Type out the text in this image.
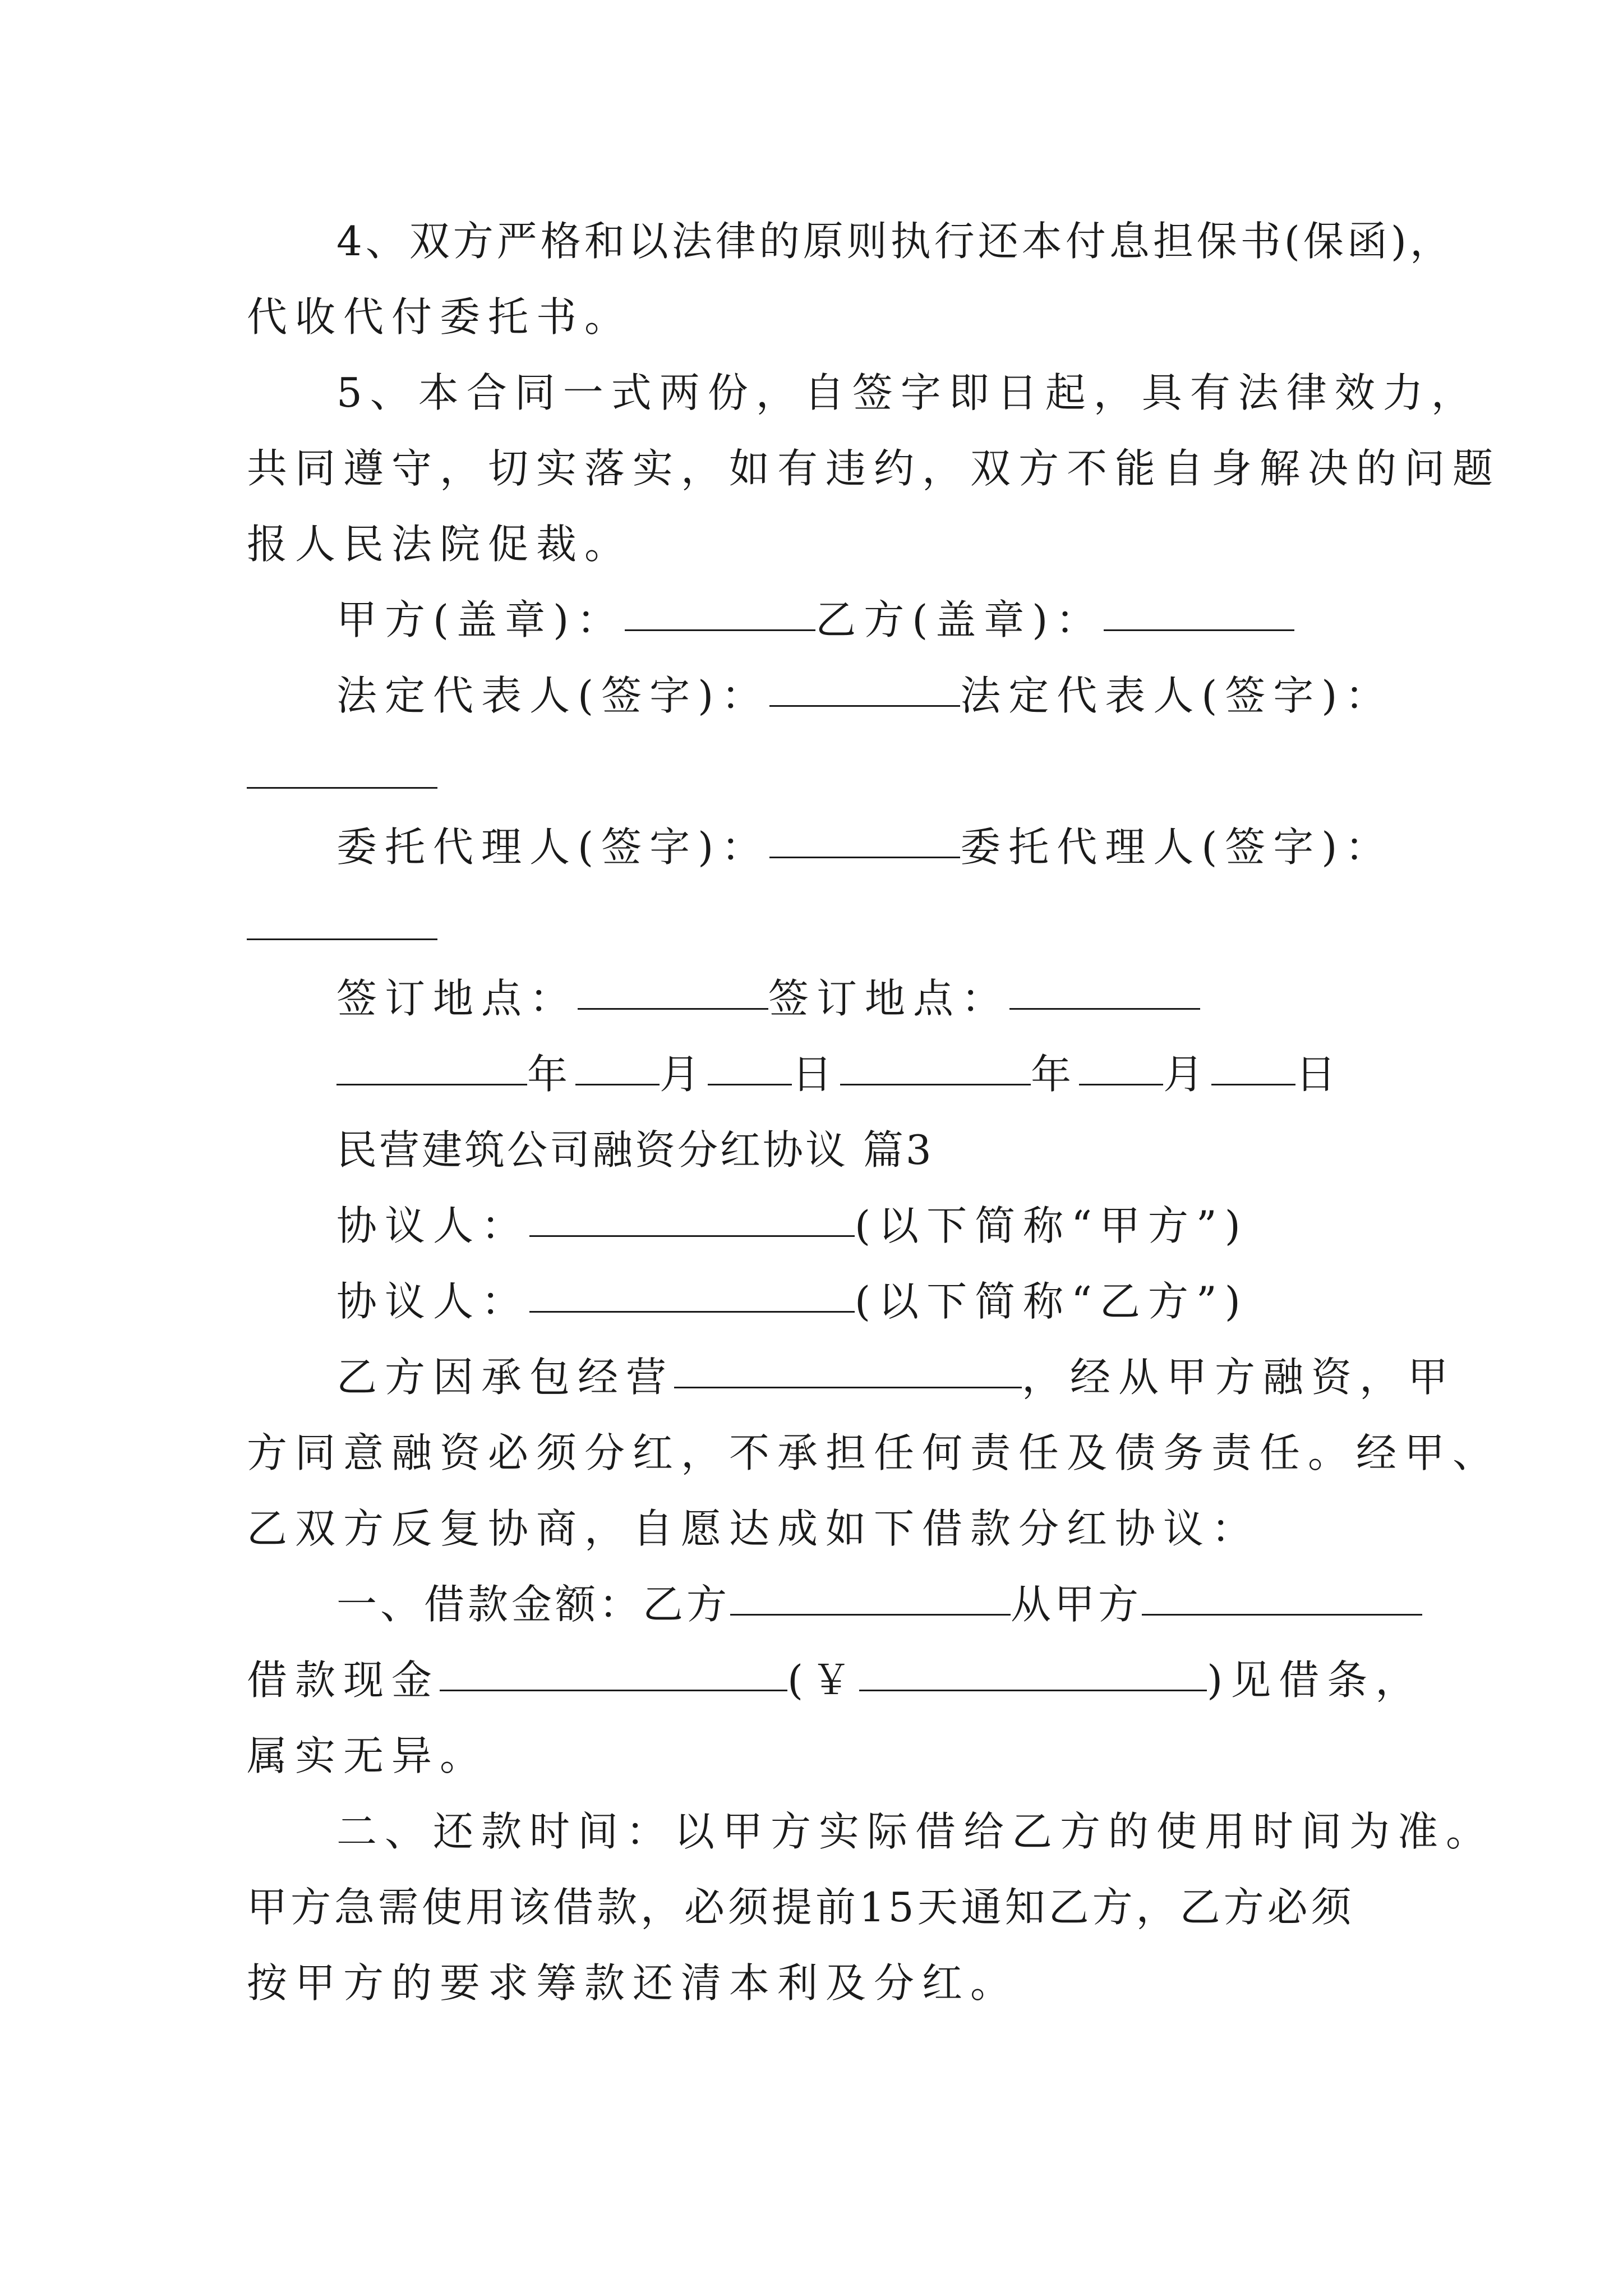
4、双方严格和以法律的原则执行还本付息担保书(保函)，
代收代付委托书。
5、本合同一式两份，自签字即日起，具有法律效力，
共同遵守，切实落实，如有违约，双方不能自身解决的问题
报人民法院促裁。
甲方(盖章)：	乙方(盖章)：
法定代表人(签字)：	法定代表人(签字)：
委托代理人(签字)：	委托代理人(签字)：
签订地点：	签订地点：
年 月 日	年 月 日
民营建筑公司融资分红协议 篇3
协议人：	(以下简称“甲方”)
协议人：	(以下简称“乙方”)
乙方因承包经营	，经从甲方融资，甲
方同意融资必须分红，不承担任何责任及债务责任。经甲、
乙双方反复协商，自愿达成如下借款分红协议：
一、借款金额：乙方	从甲方
借款现金	(￥	)见借条，
属实无异。
二、还款时间：以甲方实际借给乙方的使用时间为准。
甲方急需使用该借款，必须提前15天通知乙方，乙方必须
按甲方的要求筹款还清本利及分红。
